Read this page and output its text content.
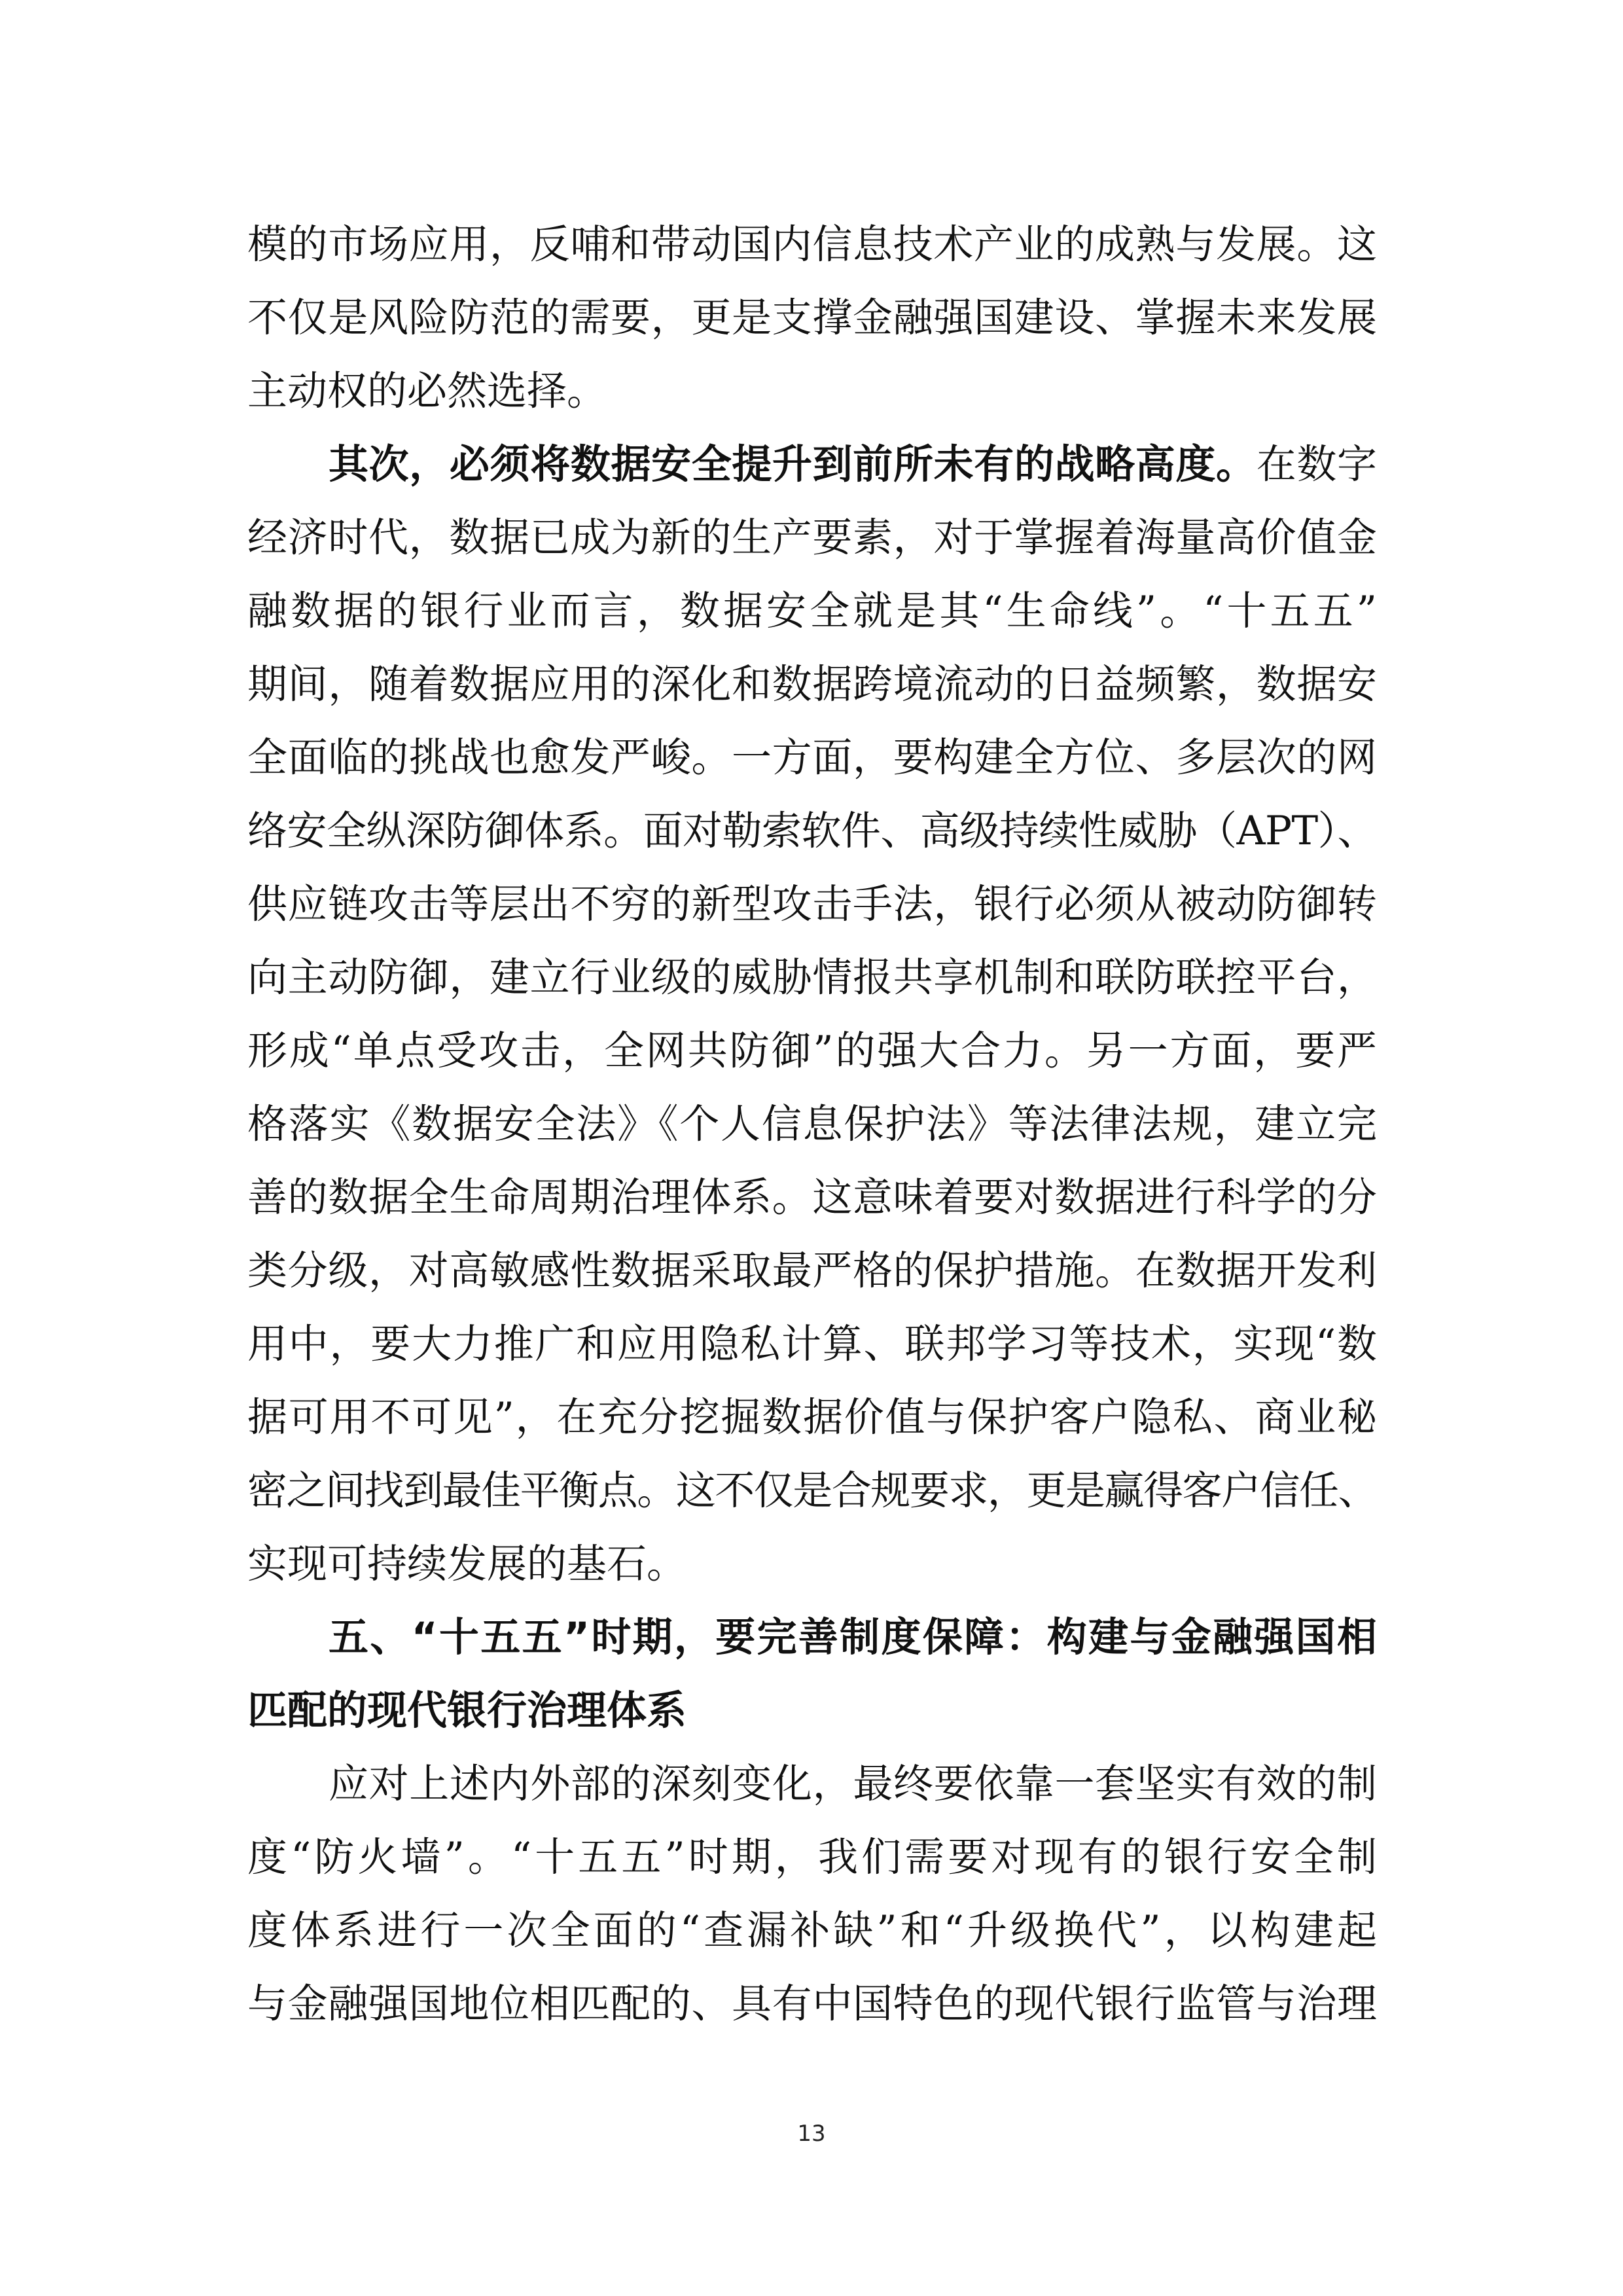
模的市场应用，反哺和带动国内信息技术产业的成熟与发展。这
不仅是风险防范的需要，更是支撑金融强国建设、掌握未来发展
主动权的必然选择。
其次，必须将数据安全提升到前所未有的战略高度。在数字
经济时代，数据已成为新的生产要素，对于掌握着海量高价值金
融数据的银行业而言，数据安全就是其“生命线”。“十五五”
期间，随着数据应用的深化和数据跨境流动的日益频繁，数据安
全面临的挑战也愈发严峻。一方面，要构建全方位、多层次的网
络安全纵深防御体系。面对勒索软件、高级持续性威胁（APT）、
供应链攻击等层出不穷的新型攻击手法，银行必须从被动防御转
向主动防御，建立行业级的威胁情报共享机制和联防联控平台，
形成“单点受攻击，全网共防御”的强大合力。另一方面，要严
格落实《数据安全法》《个人信息保护法》等法律法规，建立完
善的数据全生命周期治理体系。这意味着要对数据进行科学的分
类分级，对高敏感性数据采取最严格的保护措施。在数据开发利
用中，要大力推广和应用隐私计算、联邦学习等技术，实现“数
据可用不可见”，在充分挖掘数据价值与保护客户隐私、商业秘
密之间找到最佳平衡点。这不仅是合规要求，更是赢得客户信任、
实现可持续发展的基石。
五、“十五五”时期，要完善制度保障：构建与金融强国相
匹配的现代银行治理体系
应对上述内外部的深刻变化，最终要依靠一套坚实有效的制
度“防火墙”。“十五五”时期，我们需要对现有的银行安全制
度体系进行一次全面的“查漏补缺”和“升级换代”，以构建起
与金融强国地位相匹配的、具有中国特色的现代银行监管与治理
13
